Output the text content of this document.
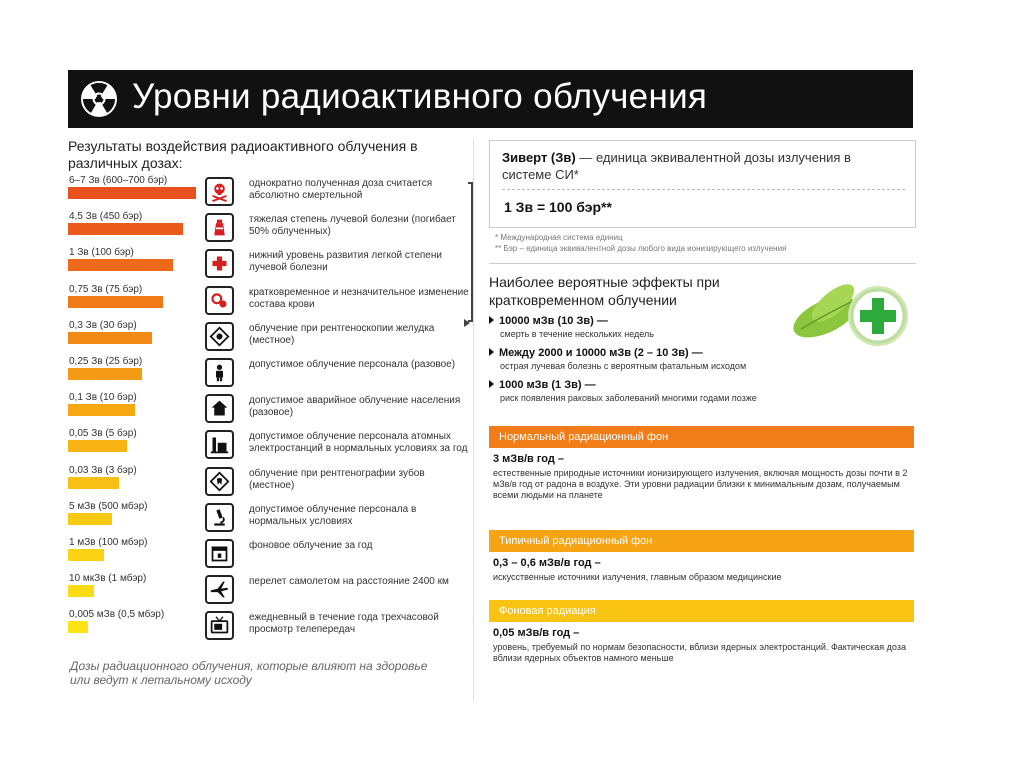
Уровни радиоактивного облучения
Результаты воздействия радиоактивного облучения в различных дозах:
6–7 Зв (600–700 бэр)	однократно полученная доза считается абсолютно смертельной
4,5 Зв (450 бэр)	тяжелая степень лучевой болезни (погибает 50% облученных)
1 Зв (100 бэр)	нижний уровень развития легкой степени лучевой болезни
0,75 Зв (75 бэр)	кратковременное и незначительное изменение состава крови
0,3 Зв (30 бэр)	облучение при рентгеноскопии желудка (местное)
0,25 Зв (25 бэр)	допустимое облучение персонала (разовое)
0,1 Зв (10 бэр)	допустимое аварийное облучение населения (разовое)
0,05 Зв (5 бэр)	допустимое облучение персонала атомных электростанций в нормальных условиях за год
0,03 Зв (3 бэр)	облучение при рентгенографии зубов (местное)
5 мЗв (500 мбэр)	допустимое облучение персонала в нормальных условиях
1 мЗв (100 мбэр)	фоновое облучение за год
10 мкЗв (1 мбэр)	перелет самолетом на расстояние 2400 км
0,005 мЗв (0,5 мбэр)	ежедневный в течение года трехчасовой просмотр телепередач
Дозы радиационного облучения, которые влияют на здоровье или ведут к летальному исходу
Зиверт (Зв) — единица эквивалентной дозы излучения в системе СИ*
1 Зв = 100 бэр**
* Международная система единиц
** Бэр – единица эквивалентной дозы любого вида ионизирующего излучения
Наиболее вероятные эффекты при кратковременном облучении
10000 мЗв (10 Зв) —
смерть в течение нескольких недель
Между 2000 и 10000 мЗв (2 – 10 Зв) —
острая лучевая болезнь с вероятным фатальным исходом
1000 мЗв (1 Зв) —
риск появления раковых заболеваний многими годами позже
Нормальный радиационный фон
3 мЗв/в год –
естественные природные источники ионизирующего излучения, включая мощность дозы почти в 2 мЗв/в год от радона в воздухе. Эти уровни радиации близки к минимальным дозам, получаемым всеми людьми на планете
Типичный радиационный фон
0,3 – 0,6 мЗв/в год –
искусственные источники излучения, главным образом медицинские
Фоновая радиация
0,05 мЗв/в год –
уровень, требуемый по нормам безопасности, вблизи ядерных электростанций. Фактическая доза вблизи ядерных объектов намного меньше
